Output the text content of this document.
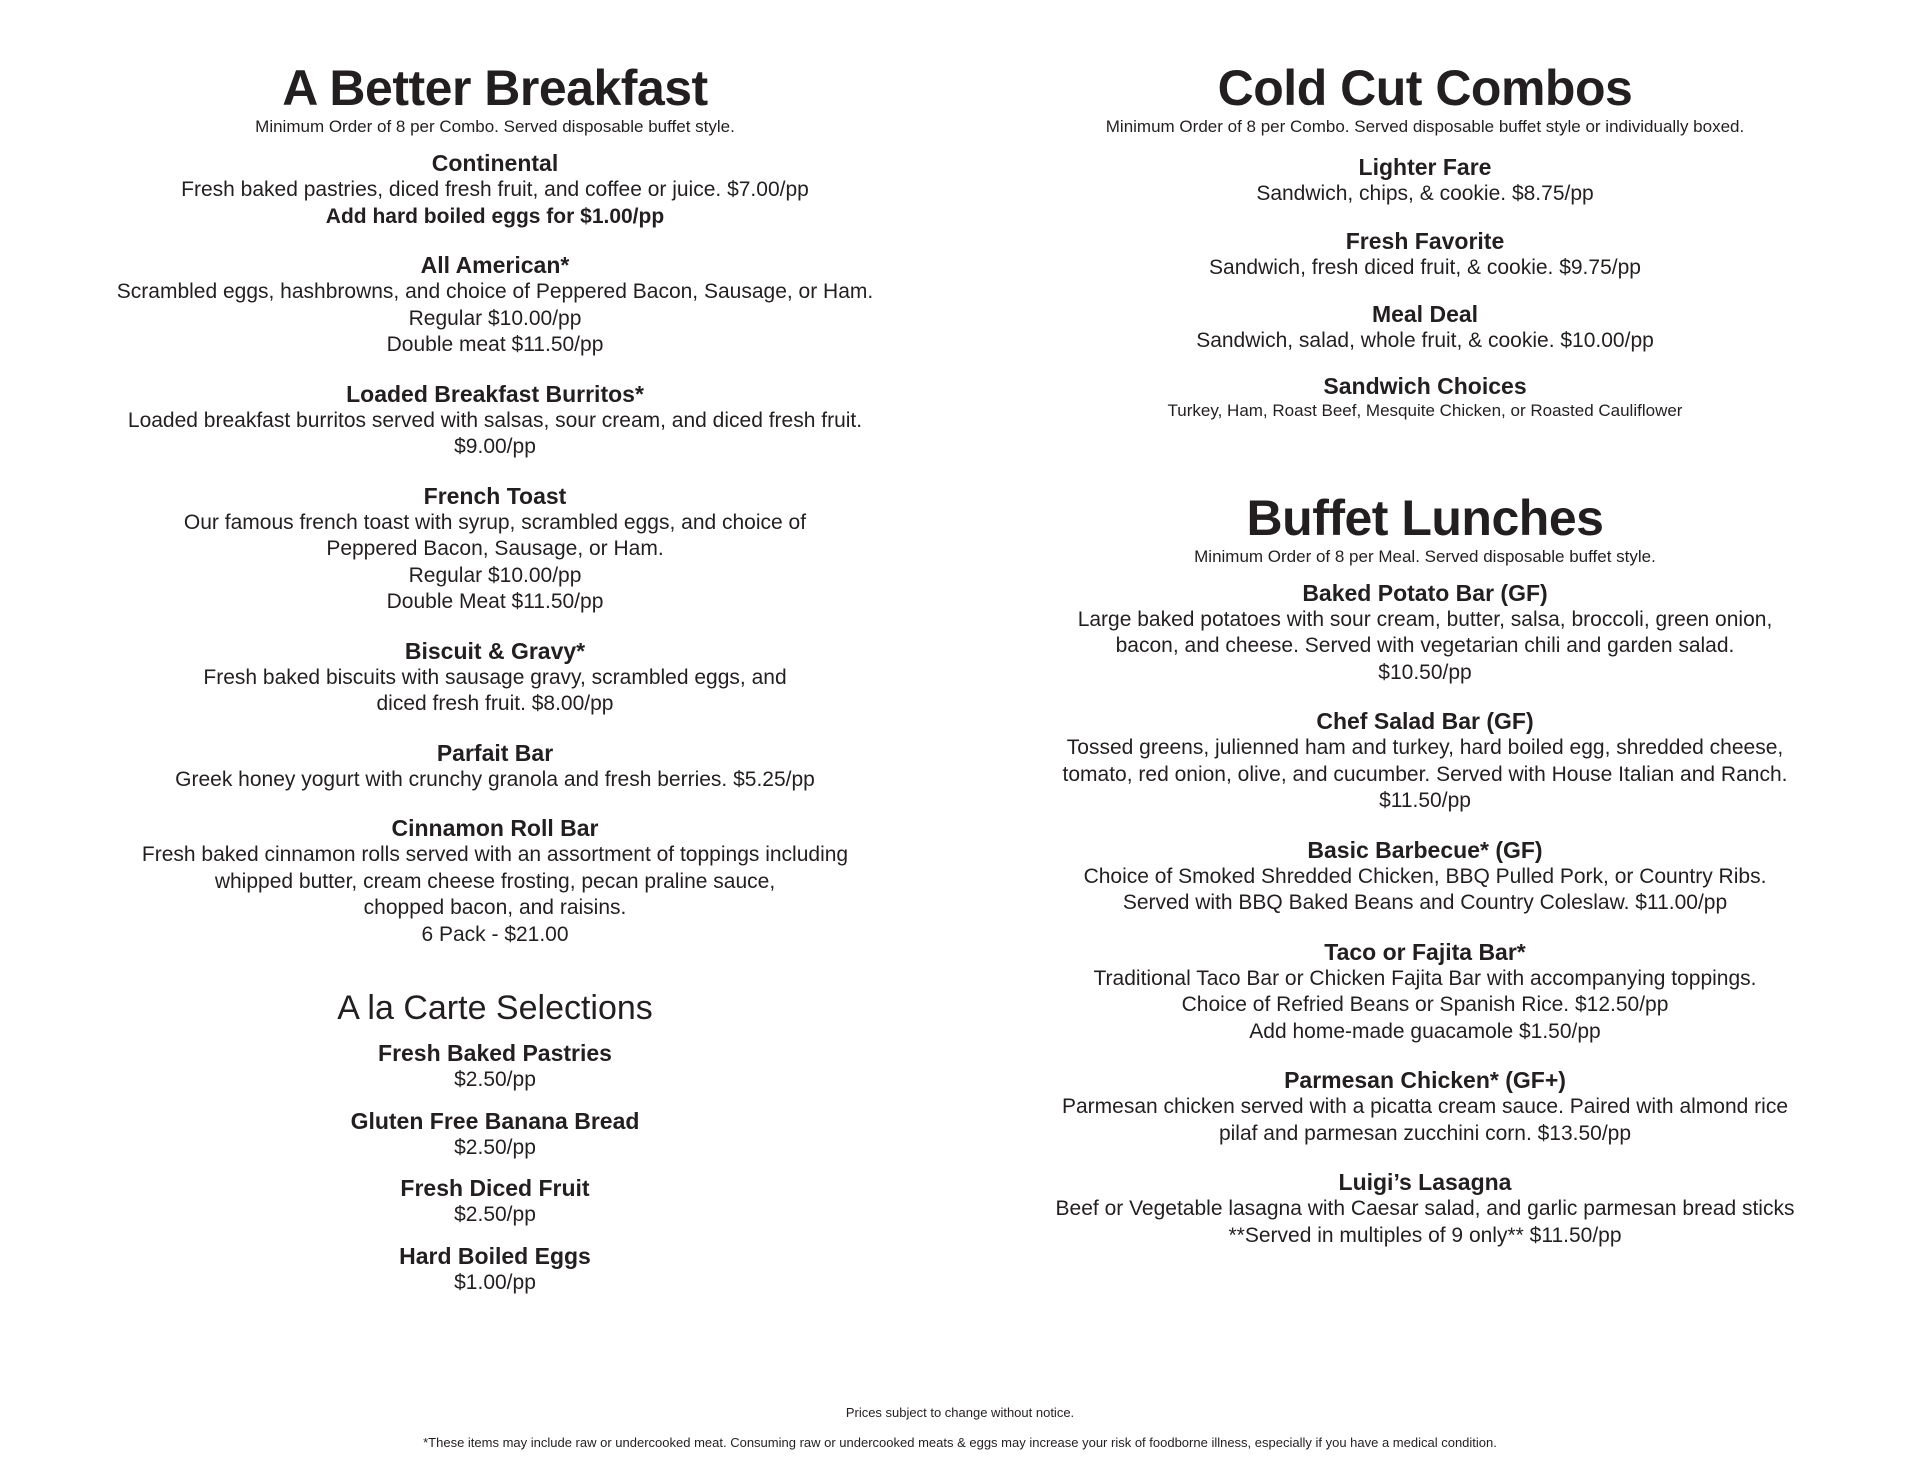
A Better Breakfast
Minimum Order of 8 per Combo. Served disposable buffet style.
Continental
Fresh baked pastries, diced fresh fruit, and coffee or juice. $7.00/pp
Add hard boiled eggs for $1.00/pp
All American*
Scrambled eggs, hashbrowns, and choice of Peppered Bacon, Sausage, or Ham.
Regular $10.00/pp
Double meat $11.50/pp
Loaded Breakfast Burritos*
Loaded breakfast burritos served with salsas, sour cream, and diced fresh fruit.
$9.00/pp
French Toast
Our famous french toast with syrup, scrambled eggs, and choice of
Peppered Bacon, Sausage, or Ham.
Regular $10.00/pp
Double Meat $11.50/pp
Biscuit & Gravy*
Fresh baked biscuits with sausage gravy, scrambled eggs, and
diced fresh fruit. $8.00/pp
Parfait Bar
Greek honey yogurt with crunchy granola and fresh berries. $5.25/pp
Cinnamon Roll Bar
Fresh baked cinnamon rolls served with an assortment of toppings including
whipped butter, cream cheese frosting, pecan praline sauce,
chopped bacon, and raisins.
6 Pack - $21.00
A la Carte Selections
Fresh Baked Pastries
$2.50/pp
Gluten Free Banana Bread
$2.50/pp
Fresh Diced Fruit
$2.50/pp
Hard Boiled Eggs
$1.00/pp
Cold Cut Combos
Minimum Order of 8 per Combo. Served disposable buffet style or individually boxed.
Lighter Fare
Sandwich, chips, & cookie. $8.75/pp
Fresh Favorite
Sandwich, fresh diced fruit, & cookie. $9.75/pp
Meal Deal
Sandwich, salad, whole fruit, & cookie. $10.00/pp
Sandwich Choices
Turkey, Ham, Roast Beef, Mesquite Chicken, or Roasted Cauliflower
Buffet Lunches
Minimum Order of 8 per Meal. Served disposable buffet style.
Baked Potato Bar (GF)
Large baked potatoes with sour cream, butter, salsa, broccoli, green onion,
bacon, and cheese. Served with vegetarian chili and garden salad.
$10.50/pp
Chef Salad Bar (GF)
Tossed greens, julienned ham and turkey, hard boiled egg, shredded cheese,
tomato, red onion, olive, and cucumber. Served with House Italian and Ranch.
$11.50/pp
Basic Barbecue* (GF)
Choice of Smoked Shredded Chicken, BBQ Pulled Pork, or Country Ribs.
Served with BBQ Baked Beans and Country Coleslaw. $11.00/pp
Taco or Fajita Bar*
Traditional Taco Bar or Chicken Fajita Bar with accompanying toppings.
Choice of Refried Beans or Spanish Rice. $12.50/pp
Add home-made guacamole $1.50/pp
Parmesan Chicken* (GF+)
Parmesan chicken served with a picatta cream sauce. Paired with almond rice
pilaf and parmesan zucchini corn. $13.50/pp
Luigi’s Lasagna
Beef or Vegetable lasagna with Caesar salad, and garlic parmesan bread sticks
**Served in multiples of 9 only** $11.50/pp
Prices subject to change without notice.
*These items may include raw or undercooked meat. Consuming raw or undercooked meats & eggs may increase your risk of foodborne illness, especially if you have a medical condition.
